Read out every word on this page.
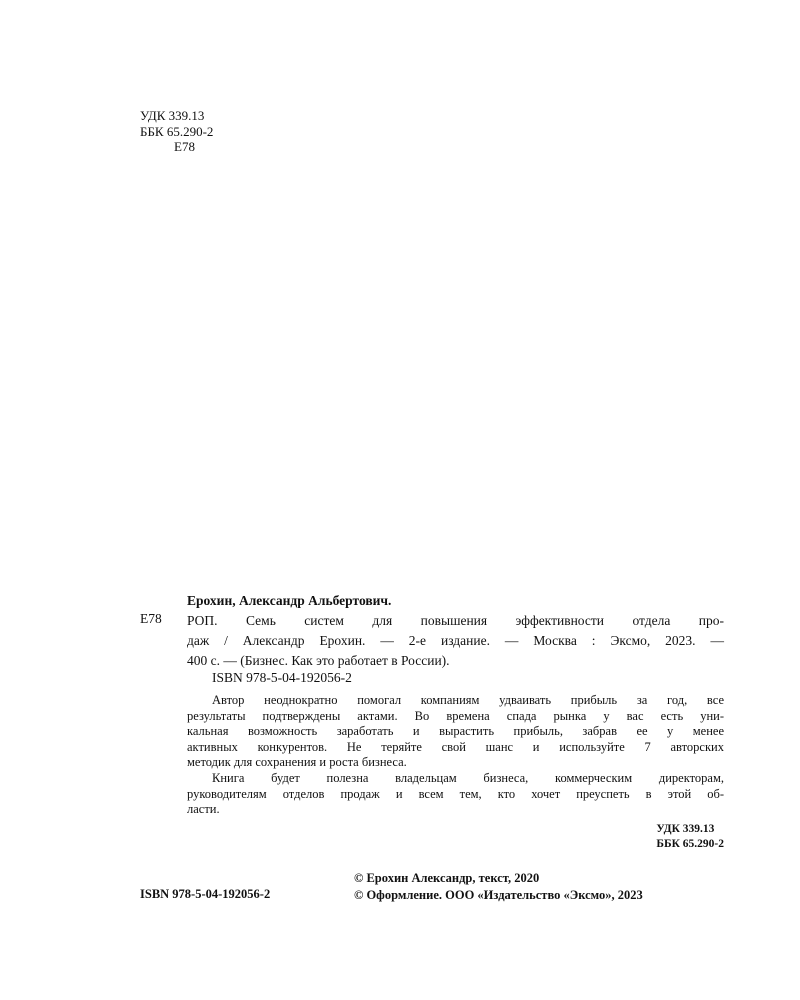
УДК 339.13
ББК 65.290-2
Е78
Ерохин, Александр Альбертович.
Е78 РОП. Семь систем для повышения эффективности отдела про-
даж / Александр Ерохин. — 2-е издание. — Москва : Эксмо, 2023. —
400 с. — (Бизнес. Как это работает в России).
ISBN 978-5-04-192056-2
Автор неоднократно помогал компаниям удваивать прибыль за год, все
результаты подтверждены актами. Во времена спада рынка у вас есть уни-
кальная возможность заработать и вырастить прибыль, забрав ее у менее
активных конкурентов. Не теряйте свой шанс и используйте 7 авторских
методик для сохранения и роста бизнеса.
Книга будет полезна владельцам бизнеса, коммерческим директорам,
руководителям отделов продаж и всем тем, кто хочет преуспеть в этой об-
ласти.
УДК 339.13
ББК 65.290-2
© Ерохин Александр, текст, 2020
© Оформление. ООО «Издательство «Эксмо», 2023
ISBN 978-5-04-192056-2
